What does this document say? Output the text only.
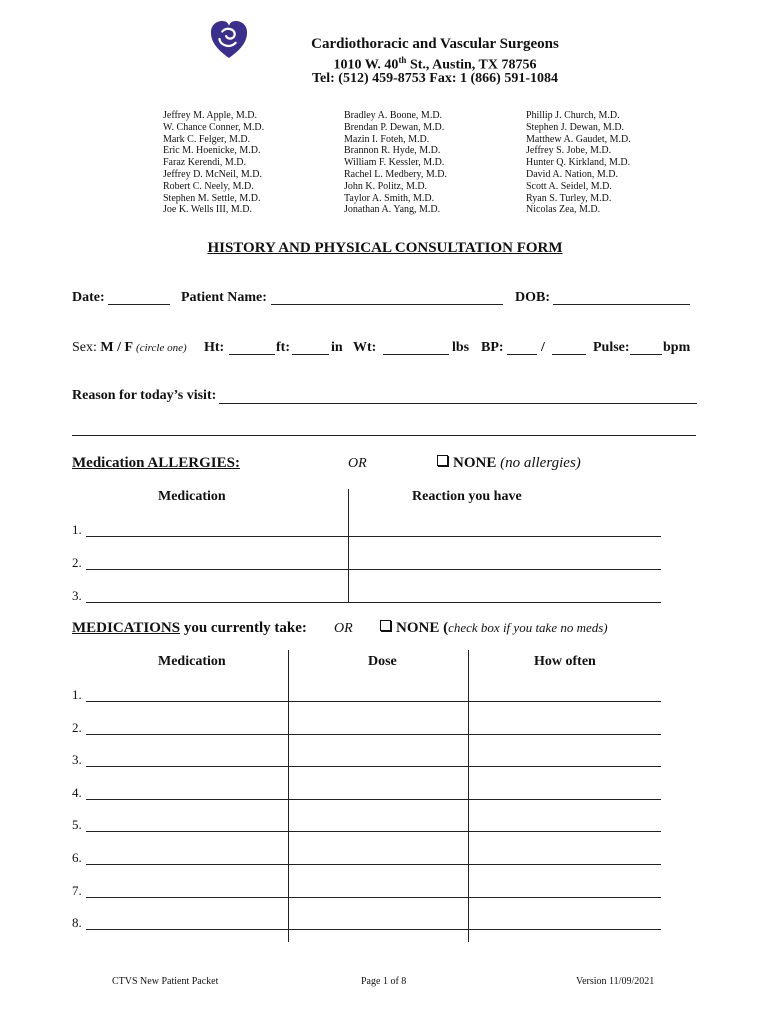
Cardiothoracic and Vascular Surgeons
1010 W. 40th St., Austin, TX 78756
Tel: (512) 459-8753 Fax: 1 (866) 591-1084
Jeffrey M. Apple, M.D.
W. Chance Conner, M.D.
Mark C. Felger, M.D.
Eric M. Hoenicke, M.D.
Faraz Kerendi, M.D.
Jeffrey D. McNeil, M.D.
Robert C. Neely, M.D.
Stephen M. Settle, M.D.
Joe K. Wells III, M.D.
Bradley A. Boone, M.D.
Brendan P. Dewan, M.D.
Mazin I. Foteh, M.D.
Brannon R. Hyde, M.D.
William F. Kessler, M.D.
Rachel L. Medbery, M.D.
John K. Politz, M.D.
Taylor A. Smith, M.D.
Jonathan A. Yang, M.D.
Phillip J. Church, M.D.
Stephen J. Dewan, M.D.
Matthew A. Gaudet, M.D.
Jeffrey S. Jobe, M.D.
Hunter Q. Kirkland, M.D.
David A. Nation, M.D.
Scott A. Seidel, M.D.
Ryan S. Turley, M.D.
Nicolas Zea, M.D.
HISTORY AND PHYSICAL CONSULTATION FORM
Date:	Patient Name:	DOB:
Sex: M / F (circle one) Ht:	ft:	in Wt:	lbs BP:	/	Pulse: bpm
Reason for today’s visit:
Medication ALLERGIES:	OR	NONE (no allergies)
Medication	Reaction you have
1.
2.
3.
MEDICATIONS you currently take: OR	NONE (check box if you take no meds)
Medication	Dose	How often
1.
2.
3.
4.
5.
6.
7.
8.
CTVS New Patient Packet	Page 1 of 8	Version 11/09/2021
